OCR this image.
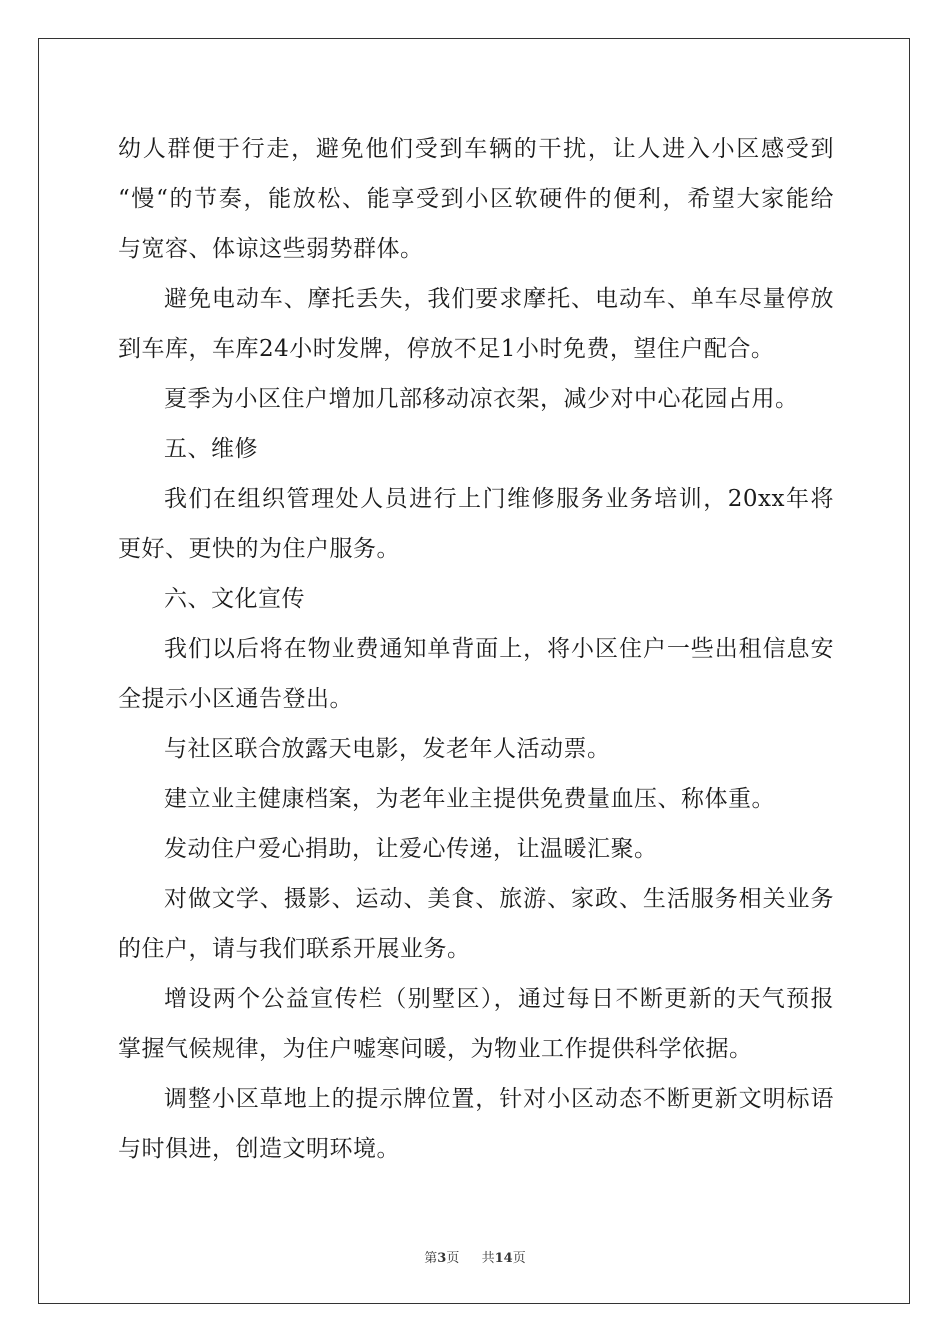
幼人群便于行走，避免他们受到车辆的干扰，让人进入小区感受到
“慢“的节奏，能放松、能享受到小区软硬件的便利，希望大家能给
与宽容、体谅这些弱势群体。
避免电动车、摩托丢失，我们要求摩托、电动车、单车尽量停放
到车库，车库24小时发牌，停放不足1小时免费，望住户配合。
夏季为小区住户增加几部移动凉衣架，减少对中心花园占用。
五、维修
我们在组织管理处人员进行上门维修服务业务培训，20xx年将
更好、更快的为住户服务。
六、文化宣传
我们以后将在物业费通知单背面上，将小区住户一些出租信息安
全提示小区通告登出。
与社区联合放露天电影，发老年人活动票。
建立业主健康档案，为老年业主提供免费量血压、称体重。
发动住户爱心捐助，让爱心传递，让温暖汇聚。
对做文学、摄影、运动、美食、旅游、家政、生活服务相关业务
的住户，请与我们联系开展业务。
增设两个公益宣传栏（别墅区），通过每日不断更新的天气预报
掌握气候规律，为住户嘘寒问暖，为物业工作提供科学依据。
调整小区草地上的提示牌位置，针对小区动态不断更新文明标语
与时俱进，创造文明环境。
第3页 共14页
